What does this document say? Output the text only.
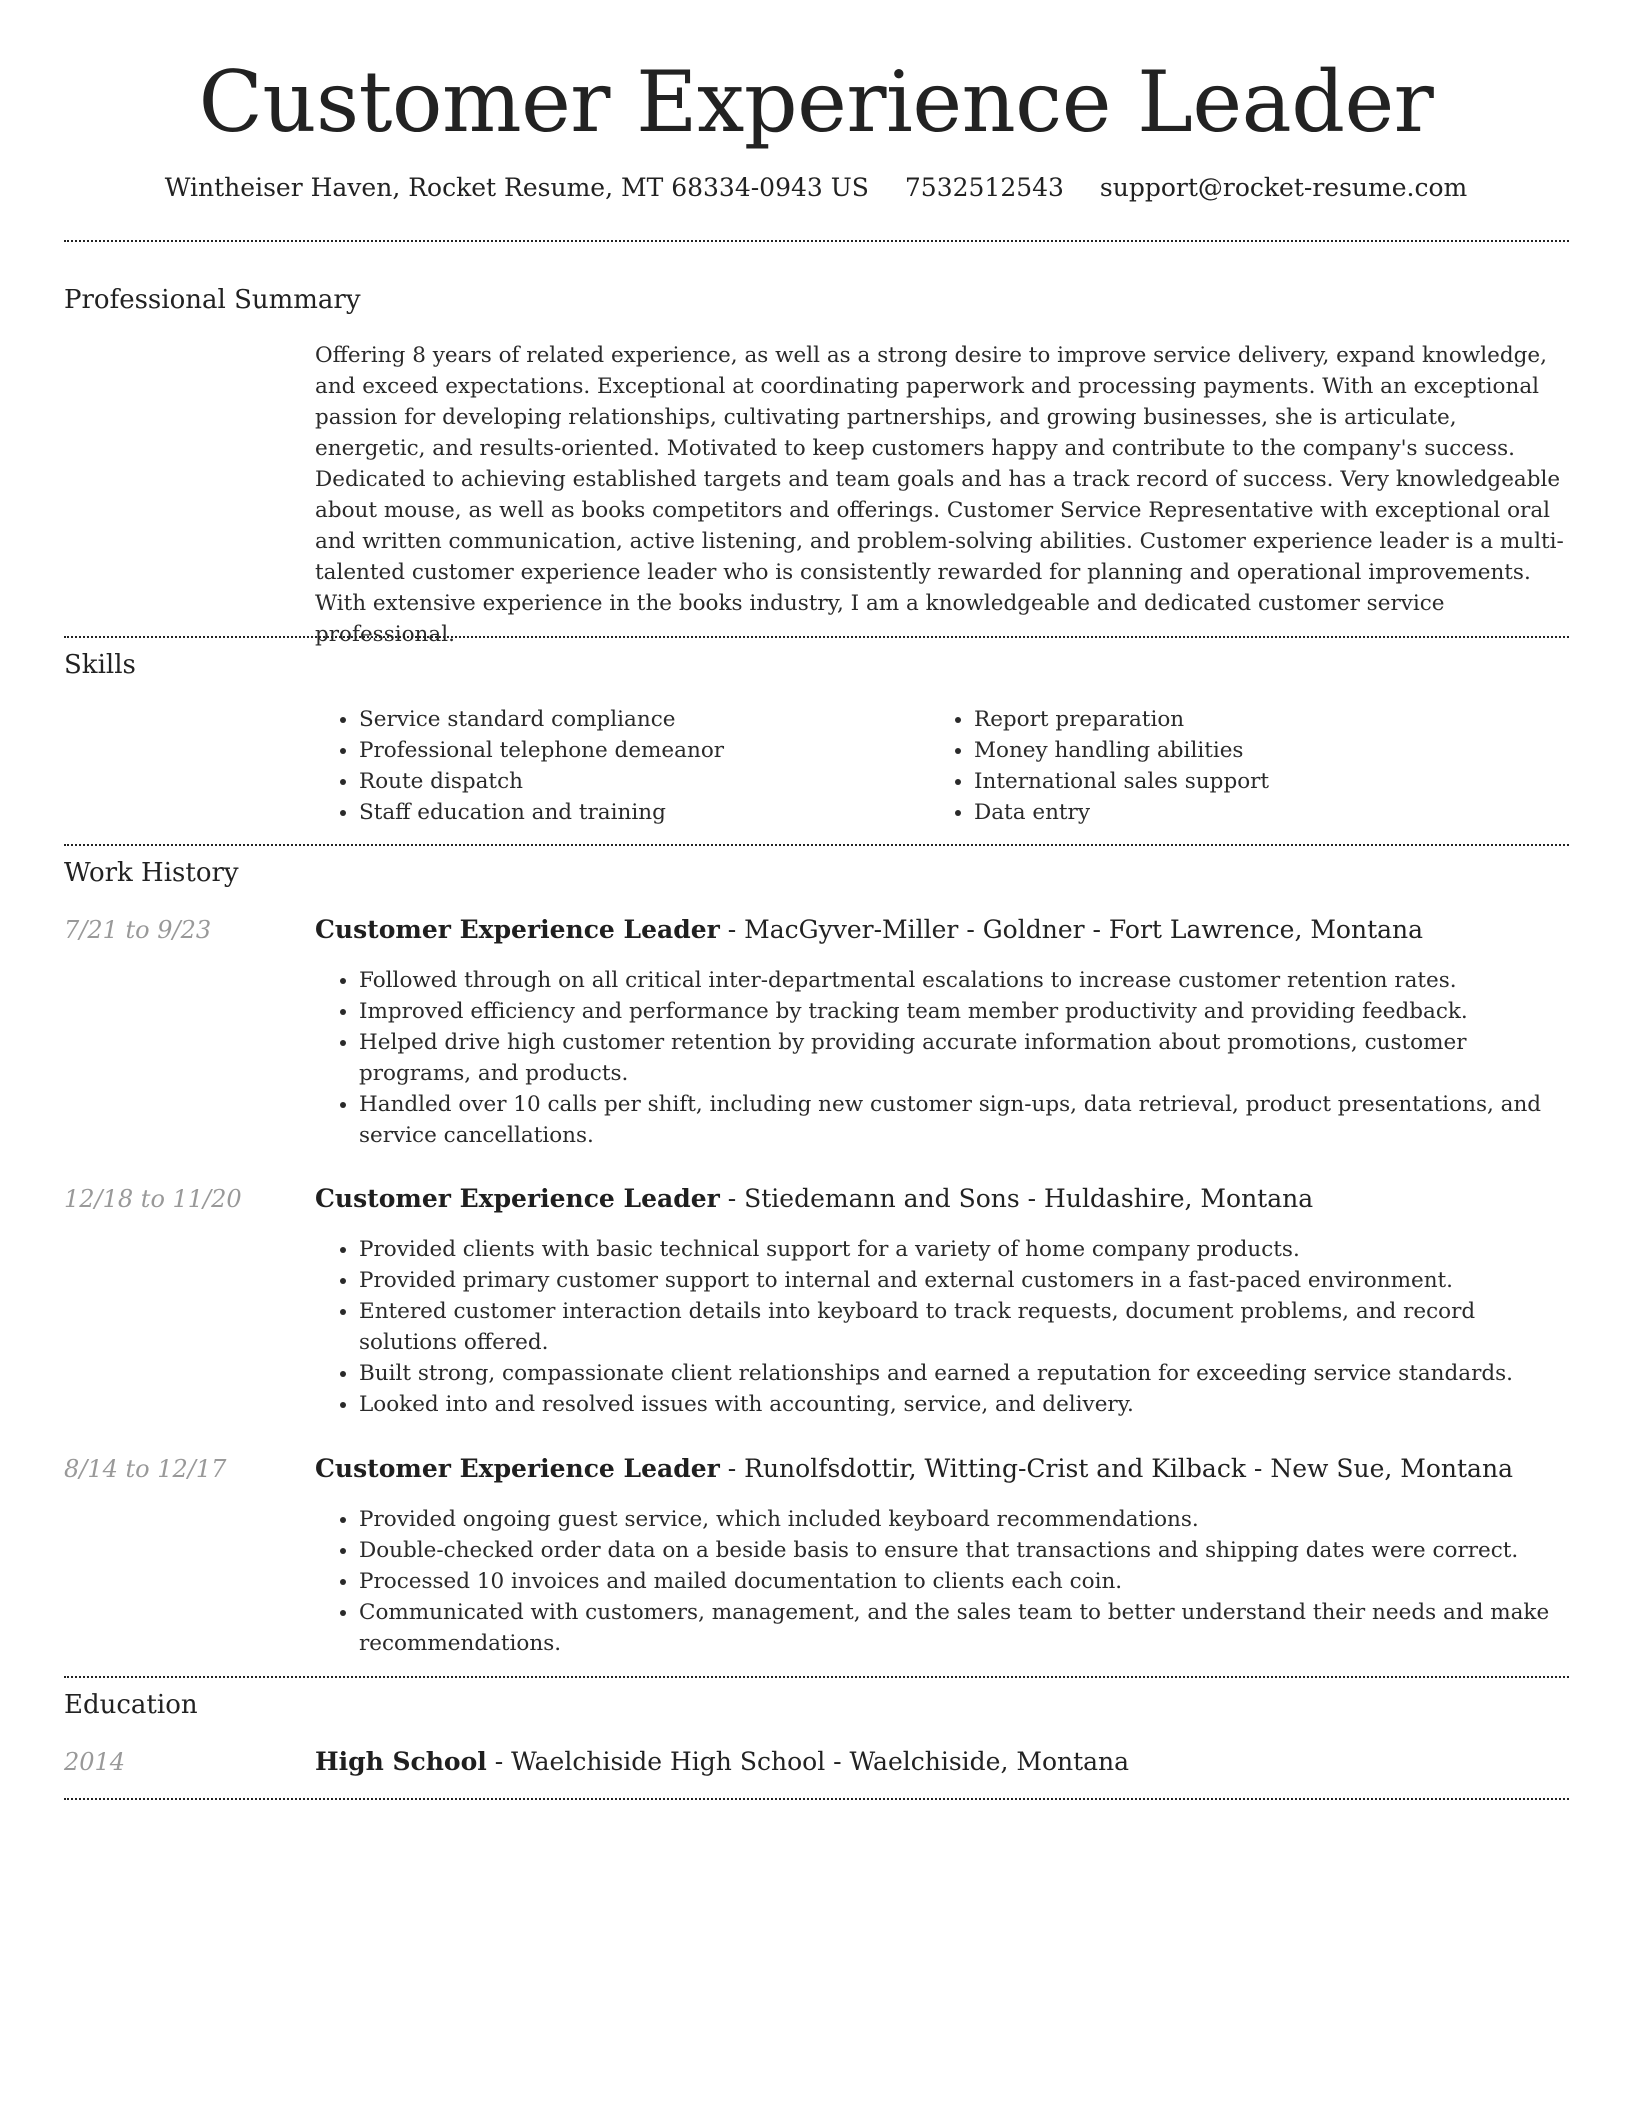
Customer Experience Leader
Wintheiser Haven, Rocket Resume, MT 68334-0943 US 7532512543 support@rocket-resume.com
Professional Summary

Offering 8 years of related experience, as well as a strong desire to improve service delivery, expand knowledge, and exceed expectations. Exceptional at coordinating paperwork and processing payments. With an exceptional passion for developing relationships, cultivating partnerships, and growing businesses, she is articulate, energetic, and results-oriented. Motivated to keep customers happy and contribute to the company's success. Dedicated to achieving established targets and team goals and has a track record of success. Very knowledgeable about mouse, as well as books competitors and offerings. Customer Service Representative with exceptional oral and written communication, active listening, and problem-solving abilities. Customer experience leader is a multi-talented customer experience leader who is consistently rewarded for planning and operational improvements. With extensive experience in the books industry, I am a knowledgeable and dedicated customer service professional.

Skills
• Service standard compliance
• Professional telephone demeanor
• Route dispatch
• Staff education and training
• Report preparation
• Money handling abilities
• International sales support
• Data entry
Work History
7/21 to 9/23	Customer Experience Leader - MacGyver-Miller - Goldner - Fort Lawrence, Montana
• Followed through on all critical inter-departmental escalations to increase customer retention rates.
• Improved efficiency and performance by tracking team member productivity and providing feedback.
• Helped drive high customer retention by providing accurate information about promotions, customer programs, and products.
• Handled over 10 calls per shift, including new customer sign-ups, data retrieval, product presentations, and service cancellations.
12/18 to 11/20	Customer Experience Leader - Stiedemann and Sons - Huldashire, Montana
• Provided clients with basic technical support for a variety of home company products.
• Provided primary customer support to internal and external customers in a fast-paced environment.
• Entered customer interaction details into keyboard to track requests, document problems, and record solutions offered.
• Built strong, compassionate client relationships and earned a reputation for exceeding service standards.
• Looked into and resolved issues with accounting, service, and delivery.
8/14 to 12/17	Customer Experience Leader - Runolfsdottir, Witting-Crist and Kilback - New Sue, Montana
• Provided ongoing guest service, which included keyboard recommendations.
• Double-checked order data on a beside basis to ensure that transactions and shipping dates were correct.
• Processed 10 invoices and mailed documentation to clients each coin.
• Communicated with customers, management, and the sales team to better understand their needs and make recommendations.
Education
2014	High School - Waelchiside High School - Waelchiside, Montana
